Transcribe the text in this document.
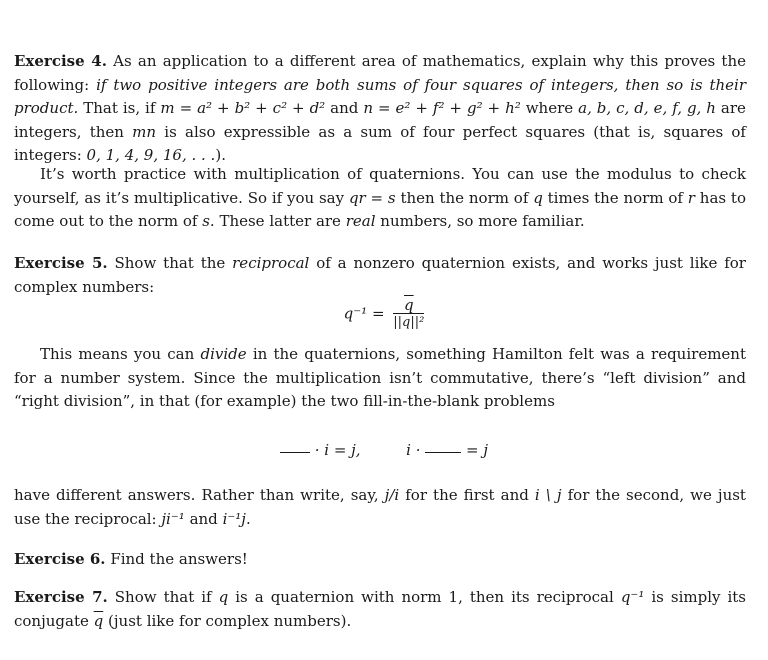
Exercise 4. As an application to a different area of mathematics, explain why this proves the following: if two positive integers are both sums of four squares of integers, then so is their product. That is, if m = a² + b² + c² + d² and n = e² + f² + g² + h² where a, b, c, d, e, f, g, h are integers, then mn is also expressible as a sum of four perfect squares (that is, squares of integers: 0, 1, 4, 9, 16, . . .).
It’s worth practice with multiplication of quaternions. You can use the modulus to check yourself, as it’s multiplicative. So if you say qr = s then the norm of q times the norm of r has to come out to the norm of s. These latter are real numbers, so more familiar.
Exercise 5. Show that the reciprocal of a nonzero quaternion exists, and works just like for complex numbers:
$q^{-1} = \frac{\overline{q}}{\text{||q||²}}$
This means you can divide in the quaternions, something Hamilton felt was a requirement for a number system. Since the multiplication isn’t commutative, there’s “left division” and “right division”, in that (for example) the two fill-in-the-blank problems
· i = j,	i ·	= j
have different answers. Rather than write, say, j/i for the first and i \ j for the second, we just use the reciprocal: ji⁻¹ and i⁻¹j.
Exercise 6. Find the answers!
Exercise 7. Show that if q is a quaternion with norm 1, then its reciprocal q⁻¹ is simply its conjugate $\overline{q}$ (just like for complex numbers).
